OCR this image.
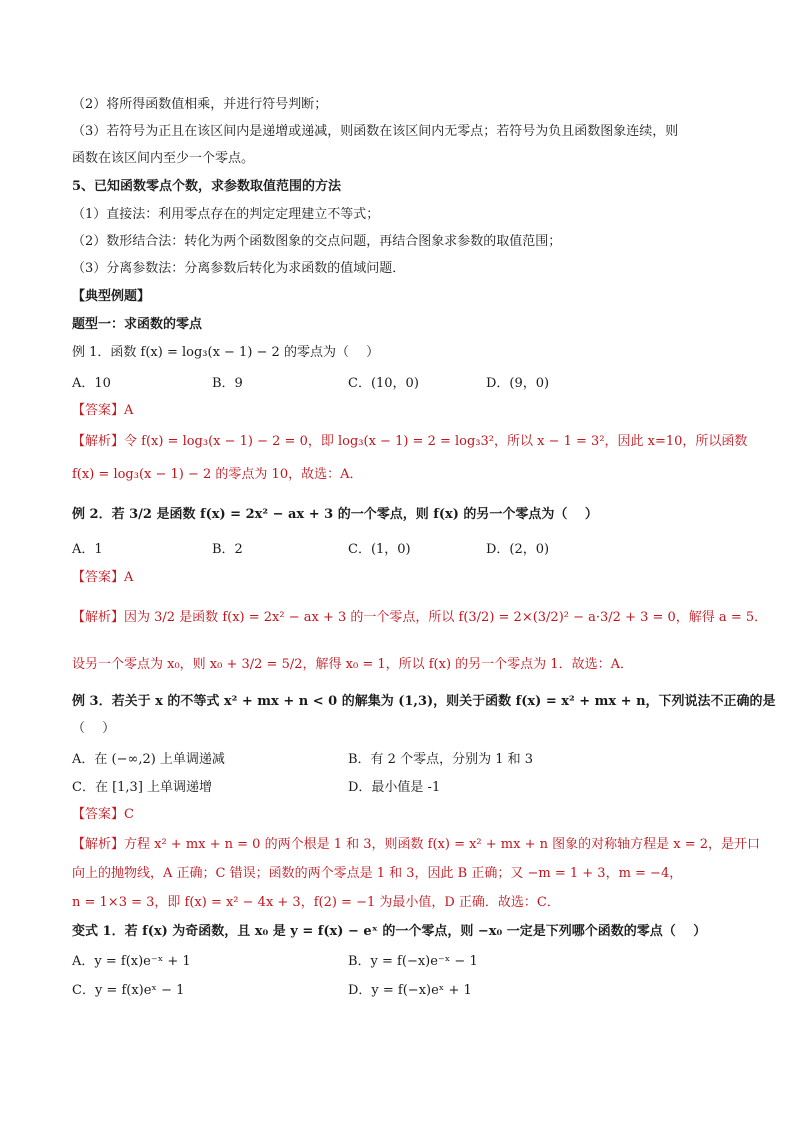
（2）将所得函数值相乘，并进行符号判断；
（3）若符号为正且在该区间内是递增或递减，则函数在该区间内无零点；若符号为负且函数图象连续，则
函数在该区间内至少一个零点。
5、已知函数零点个数，求参数取值范围的方法
（1）直接法：利用零点存在的判定定理建立不等式；
（2）数形结合法：转化为两个函数图象的交点问题，再结合图象求参数的取值范围；
（3）分离参数法：分离参数后转化为求函数的值域问题．
【典型例题】
题型一：求函数的零点
例 1．函数 f(x) = log₃(x − 1) − 2 的零点为（　 ）
A．10	B．9	C．(10，0)	D．(9，0)
【答案】A
【解析】令 f(x) = log₃(x − 1) − 2 = 0，即 log₃(x − 1) = 2 = log₃3²，所以 x − 1 = 3²，因此 x=10，所以函数
f(x) = log₃(x − 1) − 2 的零点为 10，故选：A．
例 2．若 3/2 是函数 f(x) = 2x² − ax + 3 的一个零点，则 f(x) 的另一个零点为（　 ）
A．1	B．2	C．(1，0)	D．(2，0)
【答案】A
【解析】因为 3/2 是函数 f(x) = 2x² − ax + 3 的一个零点，所以 f(3/2) = 2×(3/2)² − a·3/2 + 3 = 0，解得 a = 5．
设另一个零点为 x₀，则 x₀ + 3/2 = 5/2，解得 x₀ = 1，所以 f(x) 的另一个零点为 1．故选：A．
例 3．若关于 x 的不等式 x² + mx + n < 0 的解集为 (1,3)，则关于函数 f(x) = x² + mx + n，下列说法不正确的是
（　 ）
A．在 (−∞,2) 上单调递减	B．有 2 个零点，分别为 1 和 3
C．在 [1,3] 上单调递增	D．最小值是 -1
【答案】C
【解析】方程 x² + mx + n = 0 的两个根是 1 和 3，则函数 f(x) = x² + mx + n 图象的对称轴方程是 x = 2，是开口
向上的抛物线，A 正确；C 错误；函数的两个零点是 1 和 3，因此 B 正确；又 −m = 1 + 3，m = −4，
n = 1×3 = 3，即 f(x) = x² − 4x + 3，f(2) = −1 为最小值，D 正确．故选：C．
变式 1．若 f(x) 为奇函数，且 x₀ 是 y = f(x) − eˣ 的一个零点，则 −x₀ 一定是下列哪个函数的零点（　 ）
A．y = f(x)e⁻ˣ + 1	B．y = f(−x)e⁻ˣ − 1
C．y = f(x)eˣ − 1	D．y = f(−x)eˣ + 1
